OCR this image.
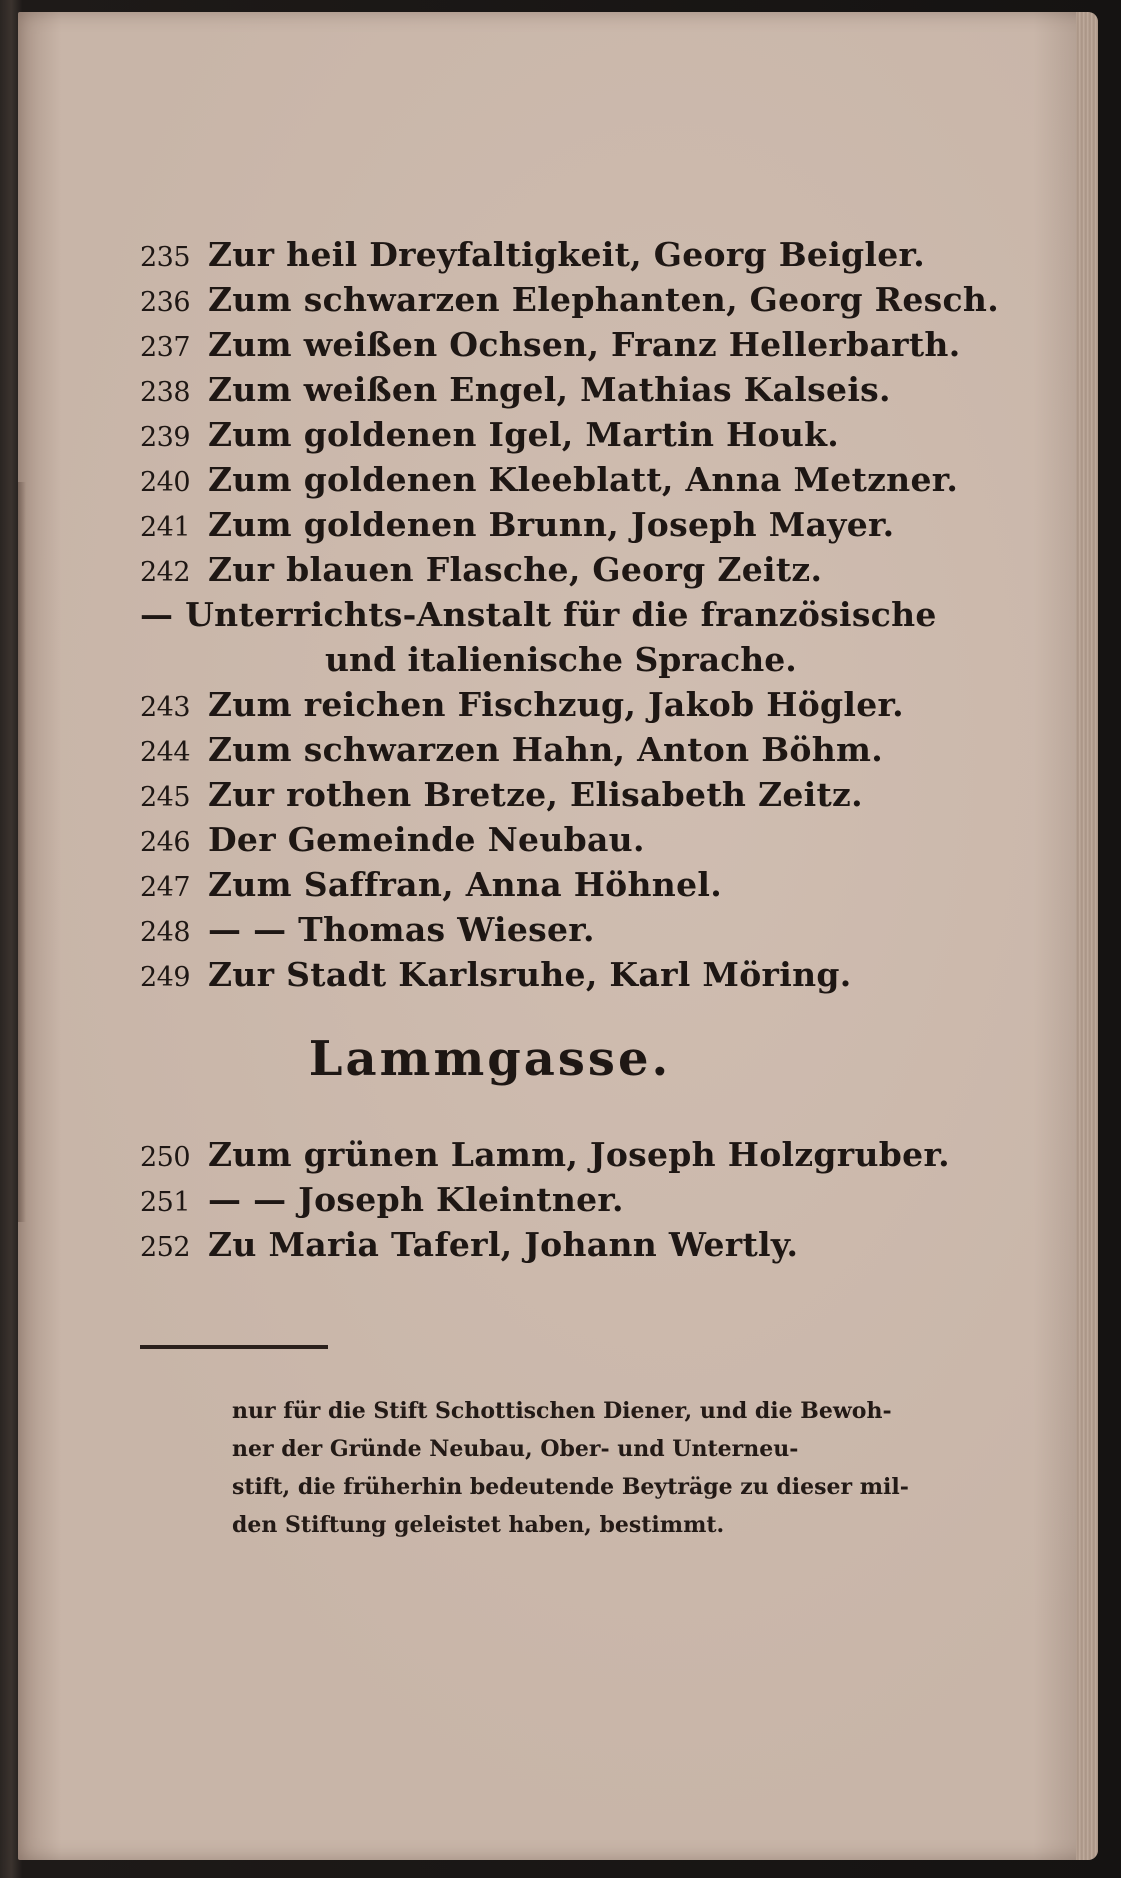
235 Zur heil Dreyfaltigkeit, Georg Beigler.
236 Zum schwarzen Elephanten, Georg Resch.
237 Zum weißen Ochsen, Franz Hellerbarth.
238 Zum weißen Engel, Mathias Kalseis.
239 Zum goldenen Igel, Martin Houk.
240 Zum goldenen Kleeblatt, Anna Metzner.
241 Zum goldenen Brunn, Joseph Mayer.
242 Zur blauen Flasche, Georg Zeitz.
— Unterrichts-Anstalt für die französische
und italienische Sprache.
243 Zum reichen Fischzug, Jakob Högler.
244 Zum schwarzen Hahn, Anton Böhm.
245 Zur rothen Bretze, Elisabeth Zeitz.
246 Der Gemeinde Neubau.
247 Zum Saffran, Anna Höhnel.
248 — — Thomas Wieser.
249 Zur Stadt Karlsruhe, Karl Möring.
Lammgasse.
250 Zum grünen Lamm, Joseph Holzgruber.
251 — — Joseph Kleintner.
252 Zu Maria Taferl, Johann Wertly.
nur für die Stift Schottischen Diener, und die Bewoh-
ner der Gründe Neubau, Ober- und Unterneu-
stift, die früherhin bedeutende Beyträge zu dieser mil-
den Stiftung geleistet haben, bestimmt.
